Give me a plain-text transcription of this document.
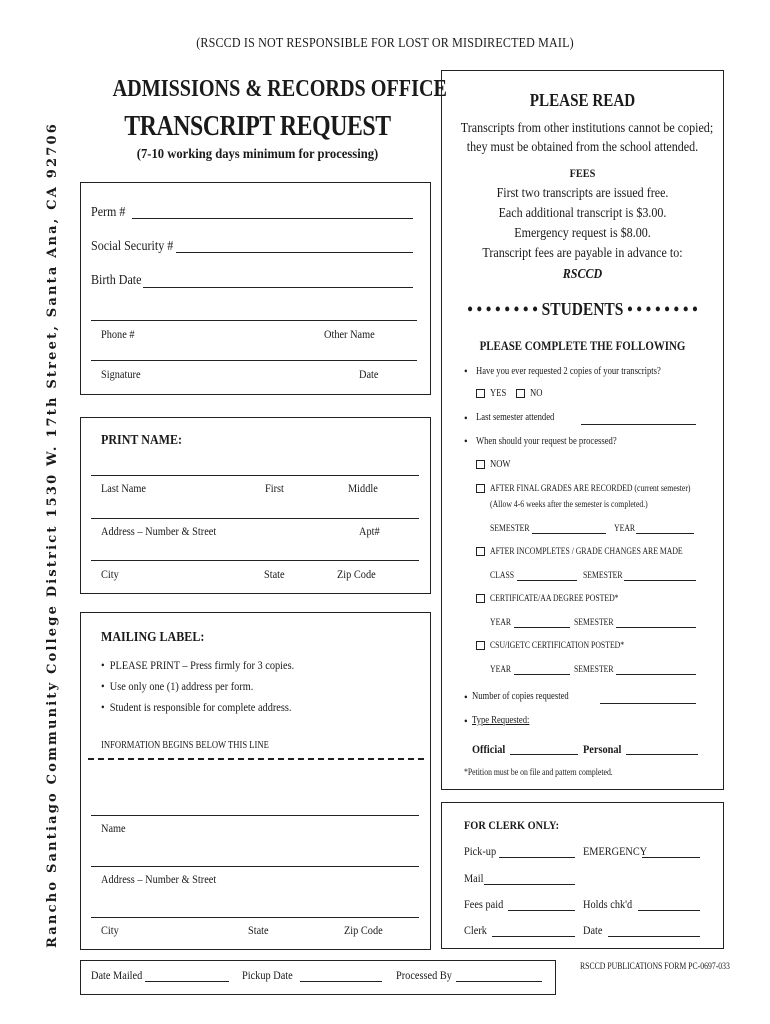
Rancho Santiago Community College District 1530 W. 17th Street, Santa Ana, CA 92706
(RSCCD IS NOT RESPONSIBLE FOR LOST OR MISDIRECTED MAIL)
ADMISSIONS & RECORDS OFFICE
TRANSCRIPT REQUEST
(7-10 working days minimum for processing)
Perm #
Social Security #
Birth Date
Phone #	Other Name
Signature	Date
PRINT NAME:
Last Name	First	Middle
Address – Number & Street	Apt#
City	State	Zip Code
MAILING LABEL:
•  PLEASE PRINT – Press firmly for 3 copies.
•  Use only one (1) address per form.
•  Student is responsible for complete address.
INFORMATION BEGINS BELOW THIS LINE
Name
Address – Number & Street
City	State	Zip Code
Date Mailed	Pickup Date	Processed By
RSCCD PUBLICATIONS FORM PC-0697-033
PLEASE READ
Transcripts from other institutions cannot be copied;
they must be obtained from the school attended.
FEES
First two transcripts are issued free.
Each additional transcript is $3.00.
Emergency request is $8.00.
Transcript fees are payable in advance to:
RSCCD
• • • • • • • • STUDENTS • • • • • • • •
PLEASE COMPLETE THE FOLLOWING
• Have you ever requested 2 copies of your transcripts?
YES NO
• Last semester attended
• When should your request be processed?
NOW
AFTER FINAL GRADES ARE RECORDED (current semester)
(Allow 4-6 weeks after the semester is completed.)
SEMESTER	YEAR
AFTER INCOMPLETES / GRADE CHANGES ARE MADE
CLASS	SEMESTER
CERTIFICATE/AA DEGREE POSTED*
YEAR	SEMESTER
CSU/IGETC CERTIFICATION POSTED*
YEAR	SEMESTER
• Number of copies requested
• Type Requested:
Official	Personal
*Petition must be on file and pattern completed.
FOR CLERK ONLY:
Pick-up	EMERGENCY
Mail
Fees paid	Holds chk'd
Clerk	Date
